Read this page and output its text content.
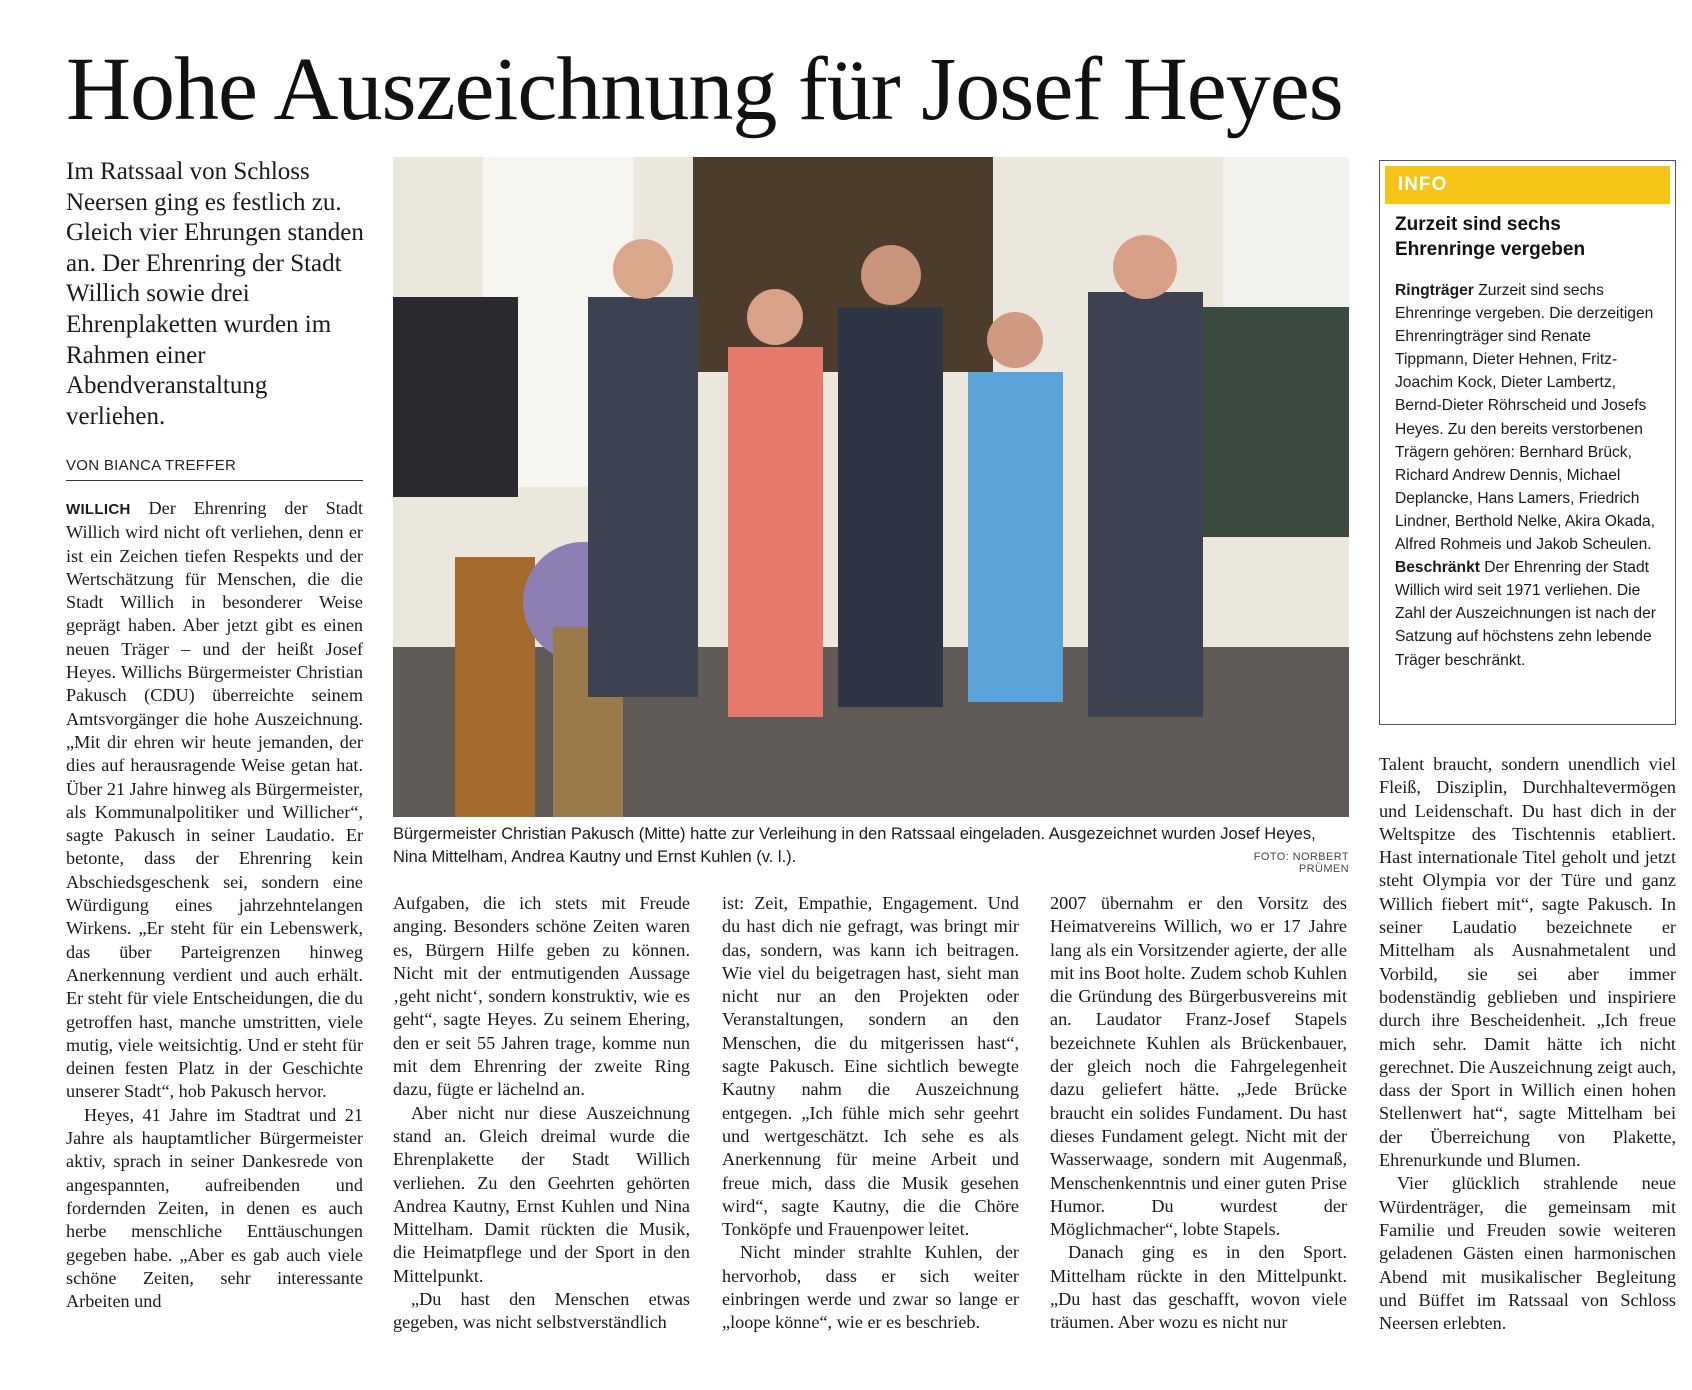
Hohe Auszeichnung für Josef Heyes

Im Ratssaal von Schloss Neersen ging es festlich zu. Gleich vier Ehrungen standen an. Der Ehrenring der Stadt Willich sowie drei Ehrenplaketten wurden im Rahmen einer Abendveranstaltung verliehen.

VON BIANCA TREFFER

WILLICH Der Ehrenring der Stadt Willich wird nicht oft verliehen, denn er ist ein Zeichen tiefen Respekts und der Wertschätzung für Menschen, die die Stadt Willich in besonderer Weise geprägt haben. Aber jetzt gibt es einen neuen Träger – und der heißt Josef Heyes. Willichs Bürgermeister Christian Pakusch (CDU) überreichte seinem Amtsvorgänger die hohe Auszeichnung. „Mit dir ehren wir heute jemanden, der dies auf herausragende Weise getan hat. Über 21 Jahre hinweg als Bürgermeister, als Kommunalpolitiker und Willicher“, sagte Pakusch in seiner Laudatio. Er betonte, dass der Ehrenring kein Abschiedsgeschenk sei, sondern eine Würdigung eines jahrzehntelangen Wirkens. „Er steht für ein Lebenswerk, das über Parteigrenzen hinweg Anerkennung verdient und auch erhält. Er steht für viele Entscheidungen, die du getroffen hast, manche umstritten, viele mutig, viele weitsichtig. Und er steht für deinen festen Platz in der Geschichte unserer Stadt“, hob Pakusch hervor.

Heyes, 41 Jahre im Stadtrat und 21 Jahre als hauptamtlicher Bürgermeister aktiv, sprach in seiner Dankesrede von angespannten, aufreibenden und fordernden Zeiten, in denen es auch herbe menschliche Enttäuschungen gegeben habe. „Aber es gab auch viele schöne Zeiten, sehr interessante Arbeiten und

Bürgermeister Christian Pakusch (Mitte) hatte zur Verleihung in den Ratssaal eingeladen. Ausgezeichnet wurden Josef Heyes, Nina Mittelham, Andrea Kautny und Ernst Kuhlen (v. l.).	FOTO: NORBERT PRÜMEN
INFO

Zurzeit sind sechs Ehrenringe vergeben

Ringträger Zurzeit sind sechs Ehrenringe vergeben. Die derzeitigen Ehrenringträger sind Renate Tippmann, Dieter Hehnen, Fritz-Joachim Kock, Dieter Lambertz, Bernd-Dieter Röhrscheid und Josefs Heyes. Zu den bereits verstorbenen Trägern gehören: Bernhard Brück, Richard Andrew Dennis, Michael Deplancke, Hans Lamers, Friedrich Lindner, Berthold Nelke, Akira Okada, Alfred Rohmeis und Jakob Scheulen.

Beschränkt Der Ehrenring der Stadt Willich wird seit 1971 verliehen. Die Zahl der Auszeichnungen ist nach der Satzung auf höchstens zehn lebende Träger beschränkt.

Aufgaben, die ich stets mit Freude anging. Besonders schöne Zeiten waren es, Bürgern Hilfe geben zu können. Nicht mit der entmutigenden Aussage ‚geht nicht‘, sondern konstruktiv, wie es geht“, sagte Heyes. Zu seinem Ehering, den er seit 55 Jahren trage, komme nun mit dem Ehrenring der zweite Ring dazu, fügte er lächelnd an.

Aber nicht nur diese Auszeichnung stand an. Gleich dreimal wurde die Ehrenplakette der Stadt Willich verliehen. Zu den Geehrten gehörten Andrea Kautny, Ernst Kuhlen und Nina Mittelham. Damit rückten die Musik, die Heimatpflege und der Sport in den Mittelpunkt.

„Du hast den Menschen etwas gegeben, was nicht selbstverständlich

ist: Zeit, Empathie, Engagement. Und du hast dich nie gefragt, was bringt mir das, sondern, was kann ich beitragen. Wie viel du beigetragen hast, sieht man nicht nur an den Projekten oder Veranstaltungen, sondern an den Menschen, die du mitgerissen hast“, sagte Pakusch. Eine sichtlich bewegte Kautny nahm die Auszeichnung entgegen. „Ich fühle mich sehr geehrt und wertgeschätzt. Ich sehe es als Anerkennung für meine Arbeit und freue mich, dass die Musik gesehen wird“, sagte Kautny, die die Chöre Tonköpfe und Frauenpower leitet.

Nicht minder strahlte Kuhlen, der hervorhob, dass er sich weiter einbringen werde und zwar so lange er „loope könne“, wie er es beschrieb.

2007 übernahm er den Vorsitz des Heimatvereins Willich, wo er 17 Jahre lang als ein Vorsitzender agierte, der alle mit ins Boot holte. Zudem schob Kuhlen die Gründung des Bürgerbusvereins mit an. Laudator Franz-Josef Stapels bezeichnete Kuhlen als Brückenbauer, der gleich noch die Fahrgelegenheit dazu geliefert hätte. „Jede Brücke braucht ein solides Fundament. Du hast dieses Fundament gelegt. Nicht mit der Wasserwaage, sondern mit Augenmaß, Menschenkenntnis und einer guten Prise Humor. Du wurdest der Möglichmacher“, lobte Stapels.

Danach ging es in den Sport. Mittelham rückte in den Mittelpunkt. „Du hast das geschafft, wovon viele träumen. Aber wozu es nicht nur

Talent braucht, sondern unendlich viel Fleiß, Disziplin, Durchhaltevermögen und Leidenschaft. Du hast dich in der Weltspitze des Tischtennis etabliert. Hast internationale Titel geholt und jetzt steht Olympia vor der Türe und ganz Willich fiebert mit“, sagte Pakusch. In seiner Laudatio bezeichnete er Mittelham als Ausnahmetalent und Vorbild, sie sei aber immer bodenständig geblieben und inspiriere durch ihre Bescheidenheit. „Ich freue mich sehr. Damit hätte ich nicht gerechnet. Die Auszeichnung zeigt auch, dass der Sport in Willich einen hohen Stellenwert hat“, sagte Mittelham bei der Überreichung von Plakette, Ehrenurkunde und Blumen.

Vier glücklich strahlende neue Würdenträger, die gemeinsam mit Familie und Freuden sowie weiteren geladenen Gästen einen harmonischen Abend mit musikalischer Begleitung und Büffet im Ratssaal von Schloss Neersen erlebten.
